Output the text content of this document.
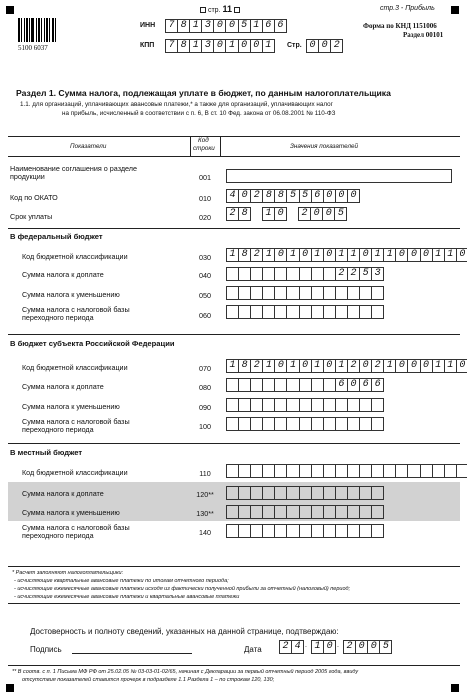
стр. 11	стр.3 - Прибыль
5100 6037
ИНН	7 8 1 3 0 0 5 1 6 6
КПП	7 8 1 3 0 1 0 0 1	Стр. 0 0 2
Форма по КНД 1151006
Раздел 00101
Раздел 1. Сумма налога, подлежащая уплате в бюджет, по данным налогоплательщика
1.1. для организаций, уплачивающих авансовые платежи,* а также для организаций, уплачивающих налог
на прибыль, исчисленный в соответствии с п. 6, В ст. 10 Фед. закона от 06.08.2001 № 110-ФЗ
Показатели
Код
строки	Значения показателей
Наименование соглашения о разделе
продукции	001
Код по ОКАТО	010	4 0 2 8 8 5 5 6 0 0 0
Срок уплаты	020	2 8	1 0	2 0 0 5
В федеральный бюджет
Код бюджетной классификации	030	1 8 2 1 0 1 0 1 0 1 1 0 1 1 0 0 0 1 1 0
Сумма налога к доплате	040	2 2 5 3
Сумма налога к уменьшению	050
Сумма налога с налоговой базы
переходного периода	060
В бюджет субъекта Российской Федерации
Код бюджетной классификации	070	1 8 2 1 0 1 0 1 0 1 2 0 2 1 0 0 0 1 1 0
Сумма налога к доплате	080	6 0 6 6
Сумма налога к уменьшению	090
Сумма налога с налоговой базы
переходного периода	100
В местный бюджет
Код бюджетной классификации	110
Сумма налога к доплате	120**
Сумма налога к уменьшению	130**
Сумма налога с налоговой базы
переходного периода	140
* Расчет заполняют налогоплательщики:
- исчисляющие квартальные авансовые платежи по итогам отчетного периода;
- исчисляющие ежемесячные авансовые платежи исходя из фактически полученной прибыли за отчетный (налоговый) период;
- исчисляющие ежемесячные авансовые платежи и квартальные авансовые платежи
Достоверность и полноту сведений, указанных на данной странице, подтверждаю:
Подпись	Дата	2 4 . 1 0 . 2 0 0 5
** В соотв. с п. 1 Письма МФ РФ от 25.02.05 № 03-03-01-02/65, начиная с Декларации за первый отчетный период 2005 года, ввиду
отсутствия показателей ставится прочерк в подразделе 1.1 Раздела 1 – по строкам 120, 130;
